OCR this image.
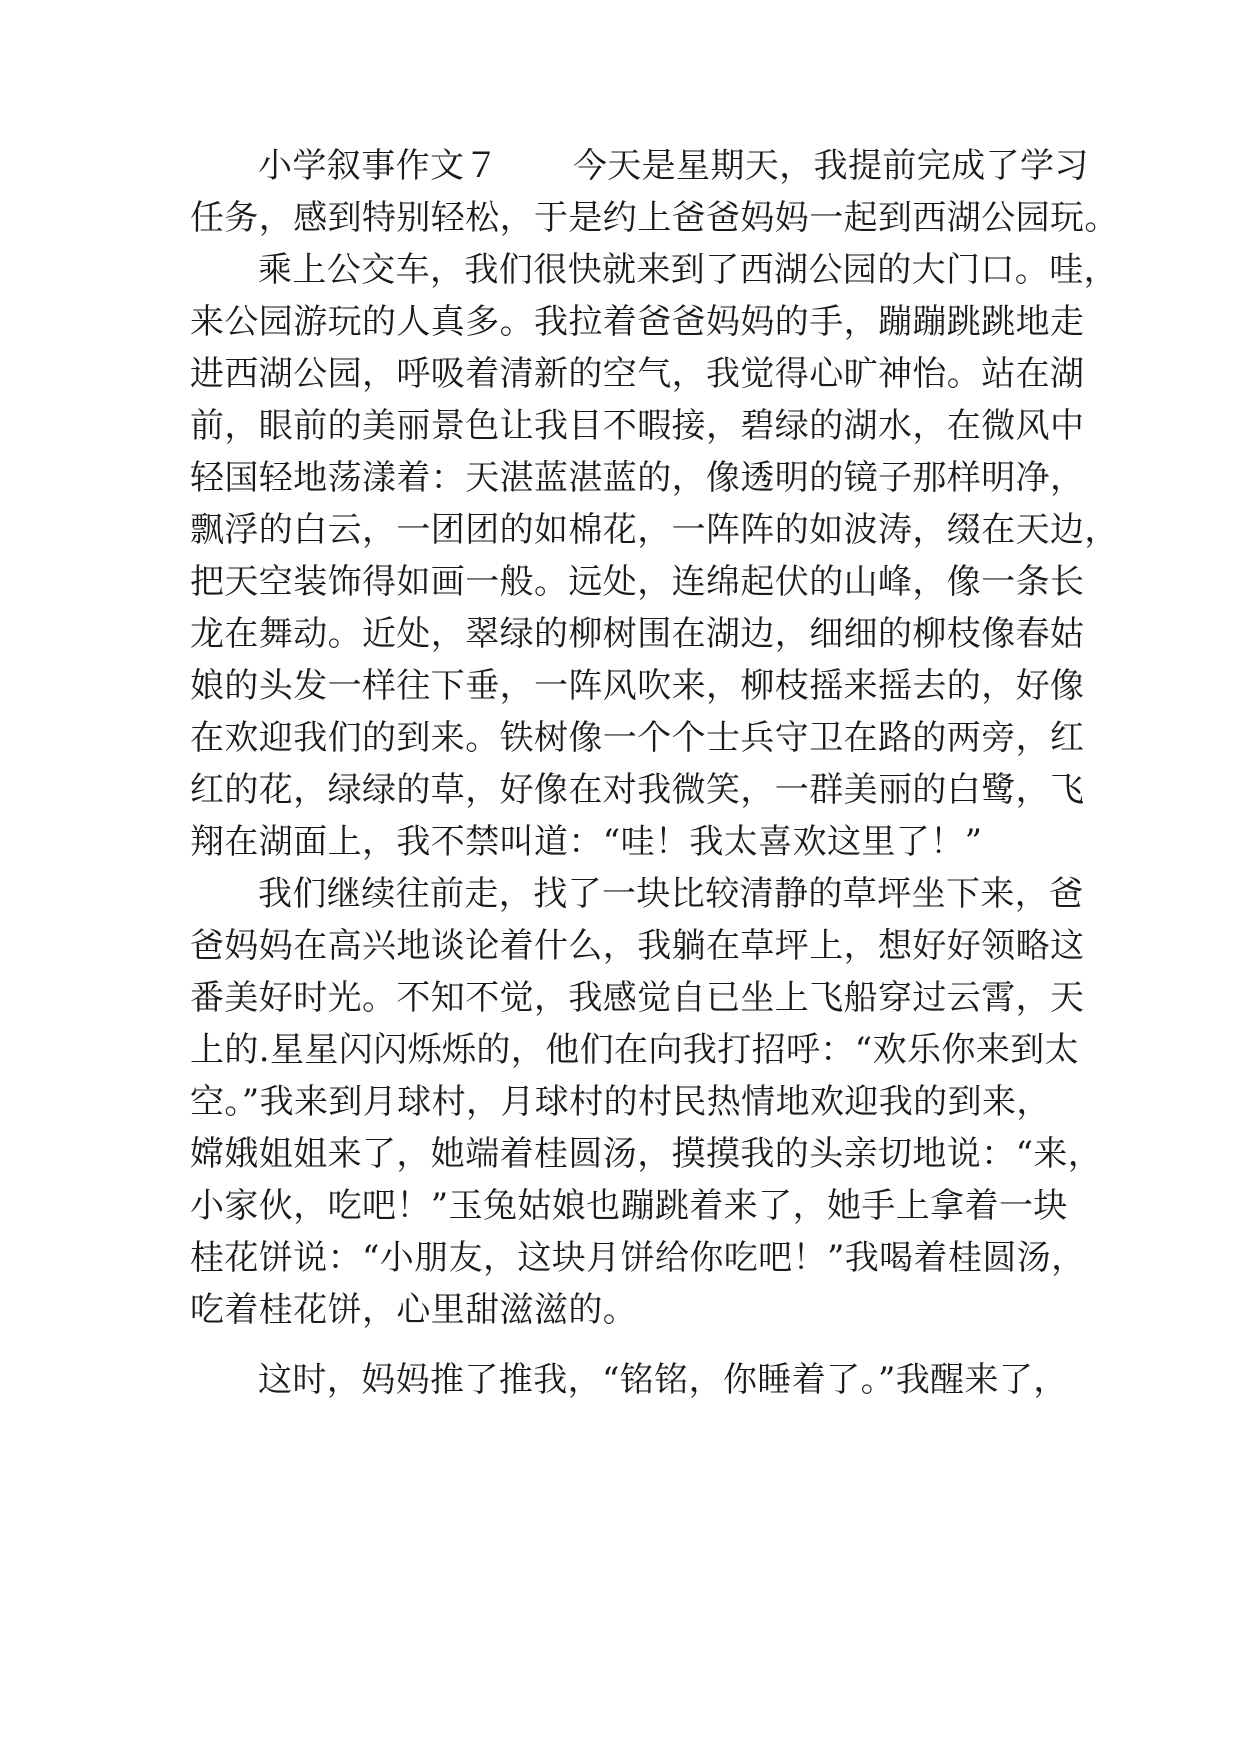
小学叙事作文７ 今天是星期天，我提前完成了学习
任务，感到特别轻松，于是约上爸爸妈妈一起到西湖公园玩。
乘上公交车，我们很快就来到了西湖公园的大门口。哇，
来公园游玩的人真多。我拉着爸爸妈妈的手，蹦蹦跳跳地走
进西湖公园，呼吸着清新的空气，我觉得心旷神怡。站在湖
前，眼前的美丽景色让我目不暇接，碧绿的湖水，在微风中
轻国轻地荡漾着：天湛蓝湛蓝的，像透明的镜子那样明净，
飘浮的白云，一团团的如棉花，一阵阵的如波涛，缀在天边，
把天空装饰得如画一般。远处，连绵起伏的山峰，像一条长
龙在舞动。近处，翠绿的柳树围在湖边，细细的柳枝像春姑
娘的头发一样往下垂，一阵风吹来，柳枝摇来摇去的，好像
在欢迎我们的到来。铁树像一个个士兵守卫在路的两旁，红
红的花，绿绿的草，好像在对我微笑，一群美丽的白鹭，飞
翔在湖面上，我不禁叫道：“哇！我太喜欢这里了！”
我们继续往前走，找了一块比较清静的草坪坐下来，爸
爸妈妈在高兴地谈论着什么，我躺在草坪上，想好好领略这
番美好时光。不知不觉，我感觉自已坐上飞船穿过云霄，天
上的.星星闪闪烁烁的，他们在向我打招呼：“欢乐你来到太
空。”我来到月球村，月球村的村民热情地欢迎我的到来，
嫦娥姐姐来了，她端着桂圆汤，摸摸我的头亲切地说：“来，
小家伙，吃吧！”玉兔姑娘也蹦跳着来了，她手上拿着一块
桂花饼说：“小朋友，这块月饼给你吃吧！”我喝着桂圆汤，
吃着桂花饼，心里甜滋滋的。
这时，妈妈推了推我，“铭铭，你睡着了。”我醒来了，
